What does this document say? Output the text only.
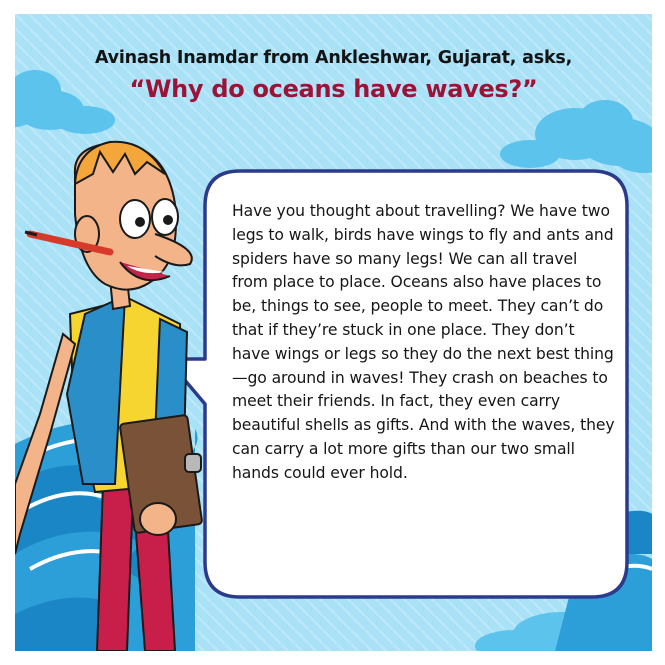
Avinash Inamdar from Ankleshwar, Gujarat, asks,

“Why do oceans have waves?”

Have you thought about travelling? We have two legs to walk, birds have wings to fly and ants and spiders have so many legs! We can all travel from place to place. Oceans also have places to be, things to see, people to meet. They can’t do that if they’re stuck in one place. They don’t have wings or legs so they do the next best thing—go around in waves! They crash on beaches to meet their friends. In fact, they even carry beautiful shells as gifts. And with the waves, they can carry a lot more gifts than our two small hands could ever hold.
